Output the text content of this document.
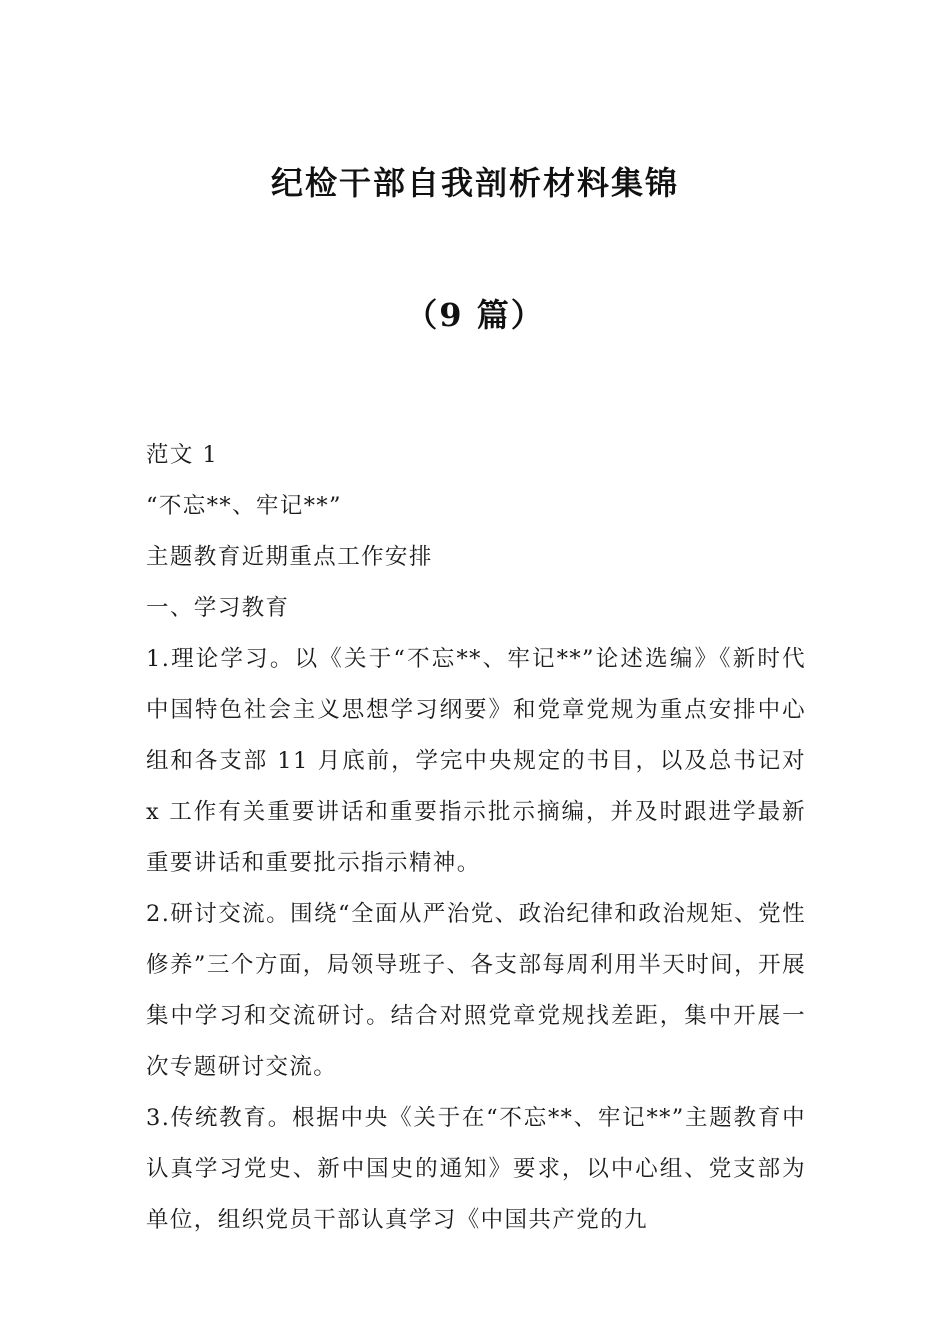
纪检干部自我剖析材料集锦
（9 篇）
范文 1
“不忘**、牢记**”
主题教育近期重点工作安排
一、学习教育
1.理论学习。以《关于“不忘**、牢记**”论述选编》《新时代中国特色社会主义思想学习纲要》和党章党规为重点安排中心组和各支部 11 月底前，学完中央规定的书目，以及总书记对 x 工作有关重要讲话和重要指示批示摘编，并及时跟进学最新重要讲话和重要批示指示精神。
2.研讨交流。围绕“全面从严治党、政治纪律和政治规矩、党性修养”三个方面，局领导班子、各支部每周利用半天时间，开展集中学习和交流研讨。结合对照党章党规找差距，集中开展一次专题研讨交流。
3.传统教育。根据中央《关于在“不忘**、牢记**”主题教育中认真学习党史、新中国史的通知》要求，以中心组、党支部为单位，组织党员干部认真学习《中国共产党的九
